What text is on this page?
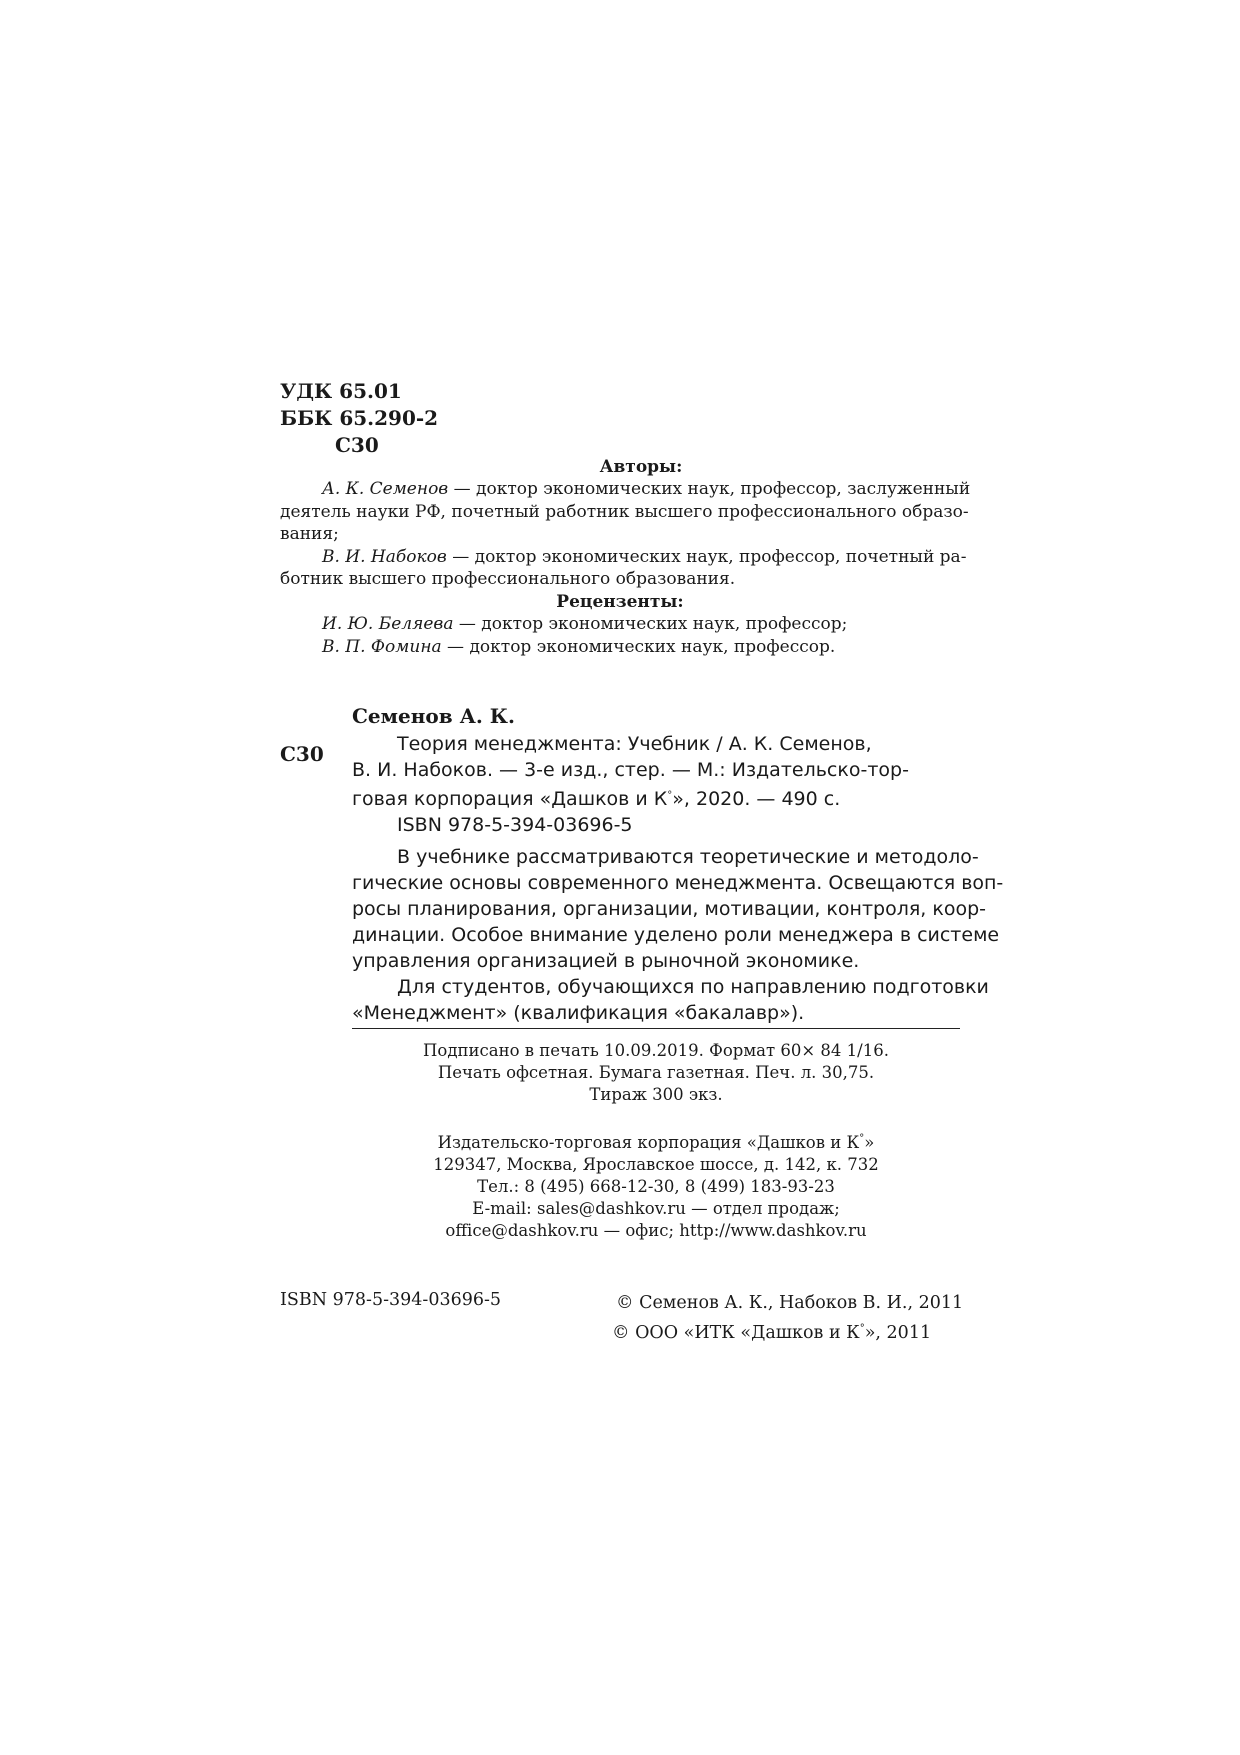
УДК 65.01
ББК 65.290-2
С30
Авторы:

А. К. Семенов — доктор экономических наук, профессор, заслуженный
деятель науки РФ, почетный работник высшего профессионального образо-
вания;
В. И. Набоков — доктор экономических наук, профессор, почетный ра-
ботник высшего профессионального образования.
Рецензенты:
И. Ю. Беляева — доктор экономических наук, профессор;
В. П. Фомина — доктор экономических наук, профессор.
Семенов А. К.
С30	Теория менеджмента: Учебник / А. К. Семенов,

В. И. Набоков. — 3-е изд., стер. — М.: Издательско-тор-

говая корпорация «Дашков и К°», 2020. — 490 с.

ISBN 978-5-394-03696-5

В учебнике рассматриваются теоретические и методоло-

гические основы современного менеджмента. Освещаются воп-

росы планирования, организации, мотивации, контроля, коор-

динации. Особое внимание уделено роли менеджера в системе

управления организацией в рыночной экономике.

Для студентов, обучающихся по направлению подготовки

«Менеджмент» (квалификация «бакалавр»).

Подписано в печать 10.09.2019. Формат 60× 84 1/16.

Печать офсетная. Бумага газетная. Печ. л. 30,75.

Тираж 300 экз.

Издательско-торговая корпорация «Дашков и К°»

129347, Москва, Ярославское шоссе, д. 142, к. 732

Тел.: 8 (495) 668-12-30, 8 (499) 183-93-23

E-mail: sales@dashkov.ru — отдел продаж;

office@dashkov.ru — офис; http://www.dashkov.ru

ISBN 978-5-394-03696-5	© Семенов А. К., Набоков В. И., 2011

© ООО «ИТК «Дашков и К°», 2011
